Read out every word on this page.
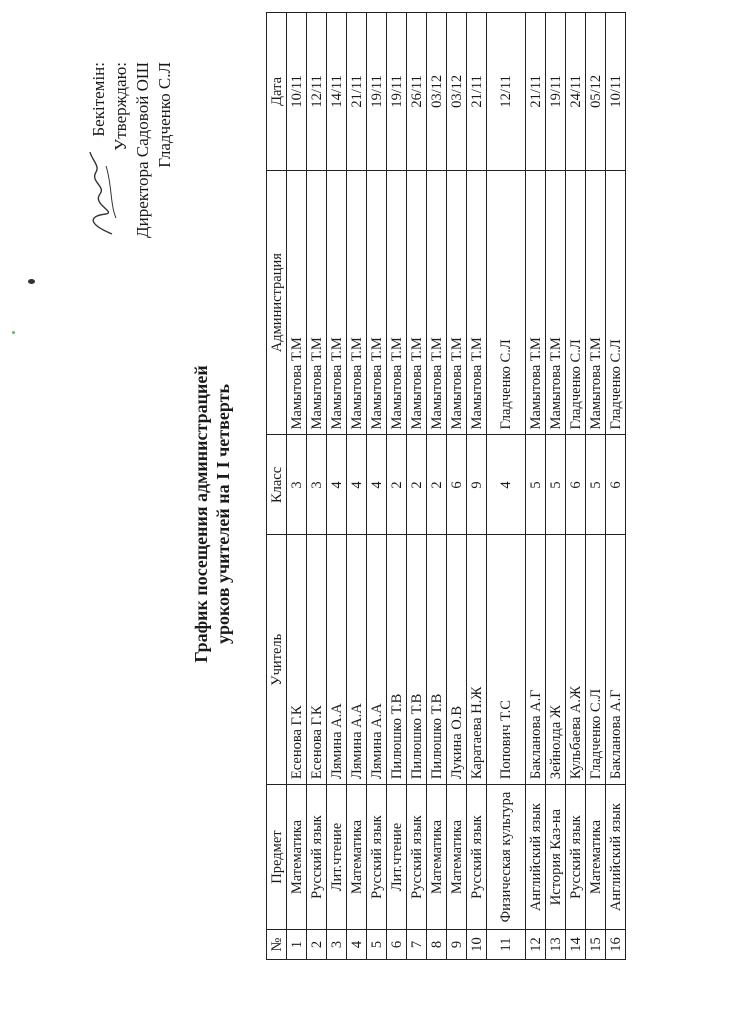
Бекітемін: Утверждаю: Директора Садовой ОШ Гладченко С.Л
График посещения администрацией уроков учителей на I I четверть
№	Предмет	Учитель	Класс	Администрация	Дата
1	Математика	Есенова Г.К	3	Мамытова Т.М	10/11
2	Русский язык	Есенова Г.К	3	Мамытова Т.М	12/11
3	Лит.чтение	Лямина А.А	4	Мамытова Т.М	14/11
4	Математика	Лямина А.А	4	Мамытова Т.М	21/11
5	Русский язык	Лямина А.А	4	Мамытова Т.М	19/11
6	Лит.чтение	Пилюшко Т.В	2	Мамытова Т.М	19/11
7	Русский язык	Пилюшко Т.В	2	Мамытова Т.М	26/11
8	Математика	Пилюшко Т.В	2	Мамытова Т.М	03/12
9	Математика	Лукина О.В	6	Мамытова Т.М	03/12
10	Русский язык	Каратаева Н.Ж	9	Мамытова Т.М	21/11
11	Физическая культура	Попович Т.С	4	Гладченко С.Л	12/11
12	Английский язык	Бакланова А.Г	5	Мамытова Т.М	21/11
13	История Каз-на	Зейнолда Ж	5	Мамытова Т.М	19/11
14	Русский язык	Кульбаева А.Ж	6	Гладченко С.Л	24/11
15	Математика	Гладченко С.Л	5	Мамытова Т.М	05/12
16	Английский язык	Бакланова А.Г	6	Гладченко С.Л	10/11
